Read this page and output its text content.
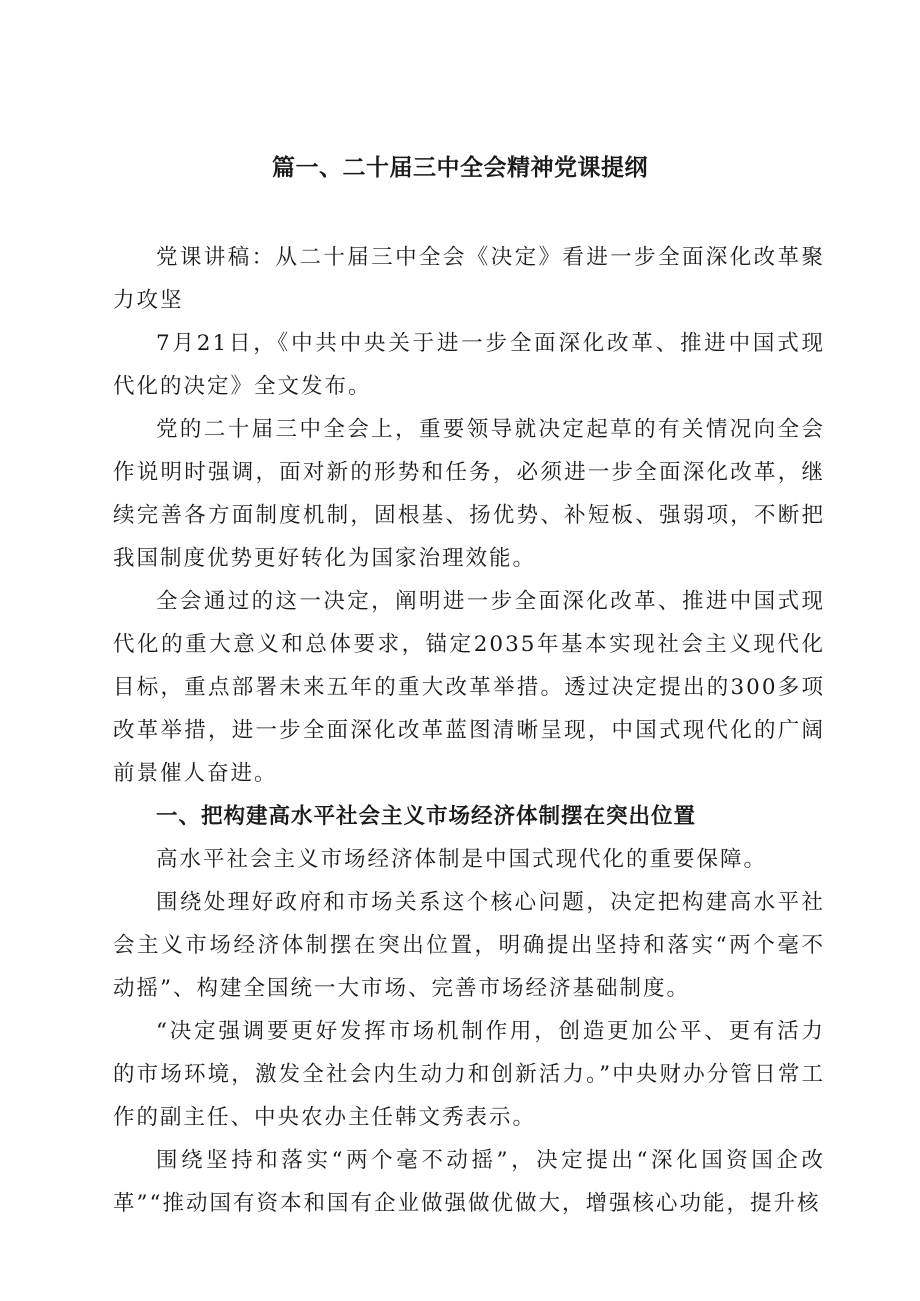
篇一、二十届三中全会精神党课提纲

党课讲稿：从二十届三中全会《决定》看进一步全面深化改革聚力攻坚

7月21日，《中共中央关于进一步全面深化改革、推进中国式现代化的决定》全文发布。

党的二十届三中全会上，重要领导就决定起草的有关情况向全会作说明时强调，面对新的形势和任务，必须进一步全面深化改革，继续完善各方面制度机制，固根基、扬优势、补短板、强弱项，不断把我国制度优势更好转化为国家治理效能。

全会通过的这一决定，阐明进一步全面深化改革、推进中国式现代化的重大意义和总体要求，锚定2035年基本实现社会主义现代化目标，重点部署未来五年的重大改革举措。透过决定提出的300多项改革举措，进一步全面深化改革蓝图清晰呈现，中国式现代化的广阔前景催人奋进。

一、把构建高水平社会主义市场经济体制摆在突出位置

高水平社会主义市场经济体制是中国式现代化的重要保障。

围绕处理好政府和市场关系这个核心问题，决定把构建高水平社会主义市场经济体制摆在突出位置，明确提出坚持和落实“两个毫不动摇”、构建全国统一大市场、完善市场经济基础制度。

“决定强调要更好发挥市场机制作用，创造更加公平、更有活力的市场环境，激发全社会内生动力和创新活力。”中央财办分管日常工作的副主任、中央农办主任韩文秀表示。

围绕坚持和落实“两个毫不动摇”，决定提出“深化国资国企改革”“推动国有资本和国有企业做强做优做大，增强核心功能，提升核
